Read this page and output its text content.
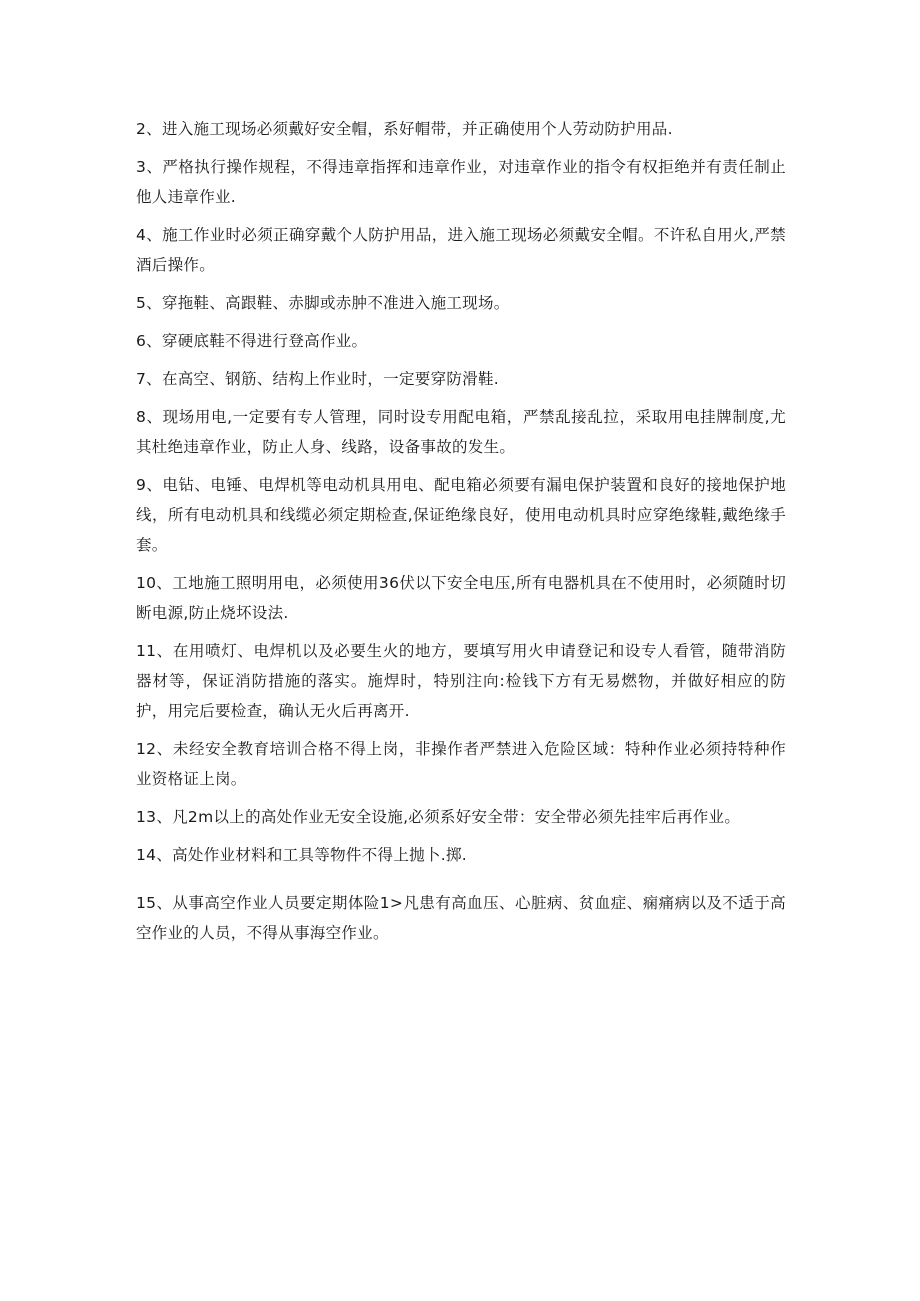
2、进入施工现场必须戴好安全帽，系好帽带，并正确使用个人劳动防护用品.
3、严格执行操作规程，不得违章指挥和违章作业，对违章作业的指令有权拒绝并有责任制止他人违章作业.
4、施工作业时必须正确穿戴个人防护用品，进入施工现场必须戴安全帽。不许私自用火,严禁酒后操作。
5、穿拖鞋、高跟鞋、赤脚或赤肿不准进入施工现场。
6、穿硬底鞋不得进行登高作业。
7、在高空、钢筋、结构上作业时，一定要穿防滑鞋.
8、现场用电,一定要有专人管理，同时设专用配电箱，严禁乱接乱拉，采取用电挂牌制度,尤其杜绝违章作业，防止人身、线路，设备事故的发生。
9、电钻、电锤、电焊机等电动机具用电、配电箱必须要有漏电保护装置和良好的接地保护地线，所有电动机具和线缆必须定期检查,保证绝缘良好，使用电动机具时应穿绝缘鞋,戴绝缘手套。
10、工地施工照明用电，必须使用36伏以下安全电压,所有电器机具在不使用时，必须随时切断电源,防止烧坏设法.
11、在用喷灯、电焊机以及必要生火的地方，要填写用火申请登记和设专人看管，随带消防器材等，保证消防措施的落实。施焊时，特别注向:检钱下方有无易燃物，并做好相应的防护，用完后要检查，确认无火后再离开.
12、未经安全教育培训合格不得上岗，非操作者严禁进入危险区域：特种作业必须持特种作业资格证上岗。
13、凡2m以上的高处作业无安全设施,必须系好安全带：安全带必须先挂牢后再作业。
14、高处作业材料和工具等物件不得上抛卜.掷.
15、从事高空作业人员要定期体险1>凡患有高血压、心脏病、贫血症、痫痛病以及不适于高空作业的人员，不得从事海空作业。
